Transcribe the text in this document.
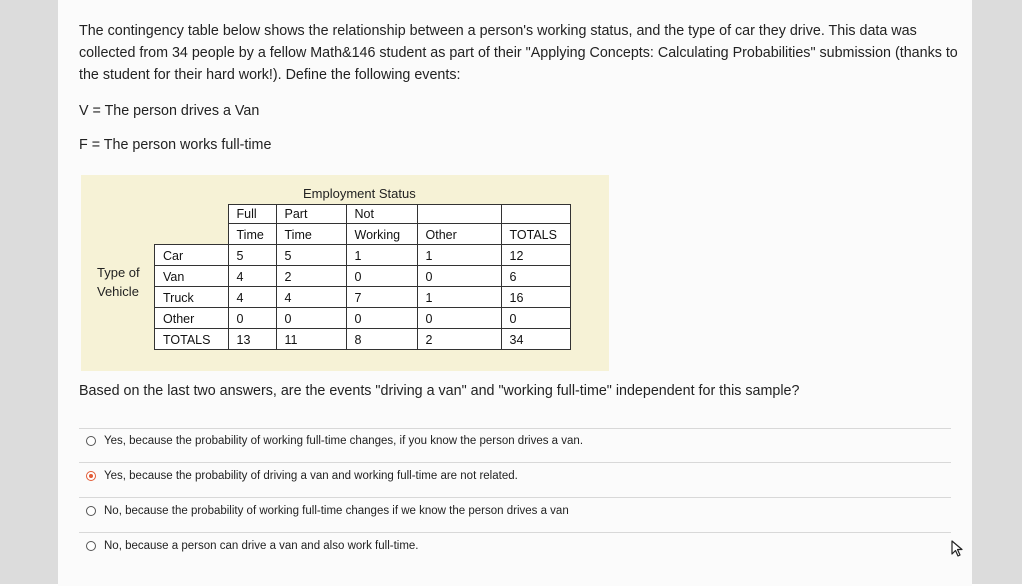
The contingency table below shows the relationship between a person's working status, and the type of car they drive. This data was collected from 34 people by a fellow Math&146 student as part of their "Applying Concepts: Calculating Probabilities" submission (thanks to the student for their hard work!). Define the following events:
V = The person drives a Van
F = The person works full-time
Employment Status
Type of
Vehicle
	Full	Part	Not		
	Time	Time	Working	Other	TOTALS
Car	5	5	1	1	12
Van	4	2	0	0	6
Truck	4	4	7	1	16
Other	0	0	0	0	0
TOTALS	13	11	8	2	34
Based on the last two answers, are the events "driving a van" and "working full-time" independent for this sample?
Yes, because the probability of working full-time changes, if you know the person drives a van.
Yes, because the probability of driving a van and working full-time are not related.
No, because the probability of working full-time changes if we know the person drives a van
No, because a person can drive a van and also work full-time.
